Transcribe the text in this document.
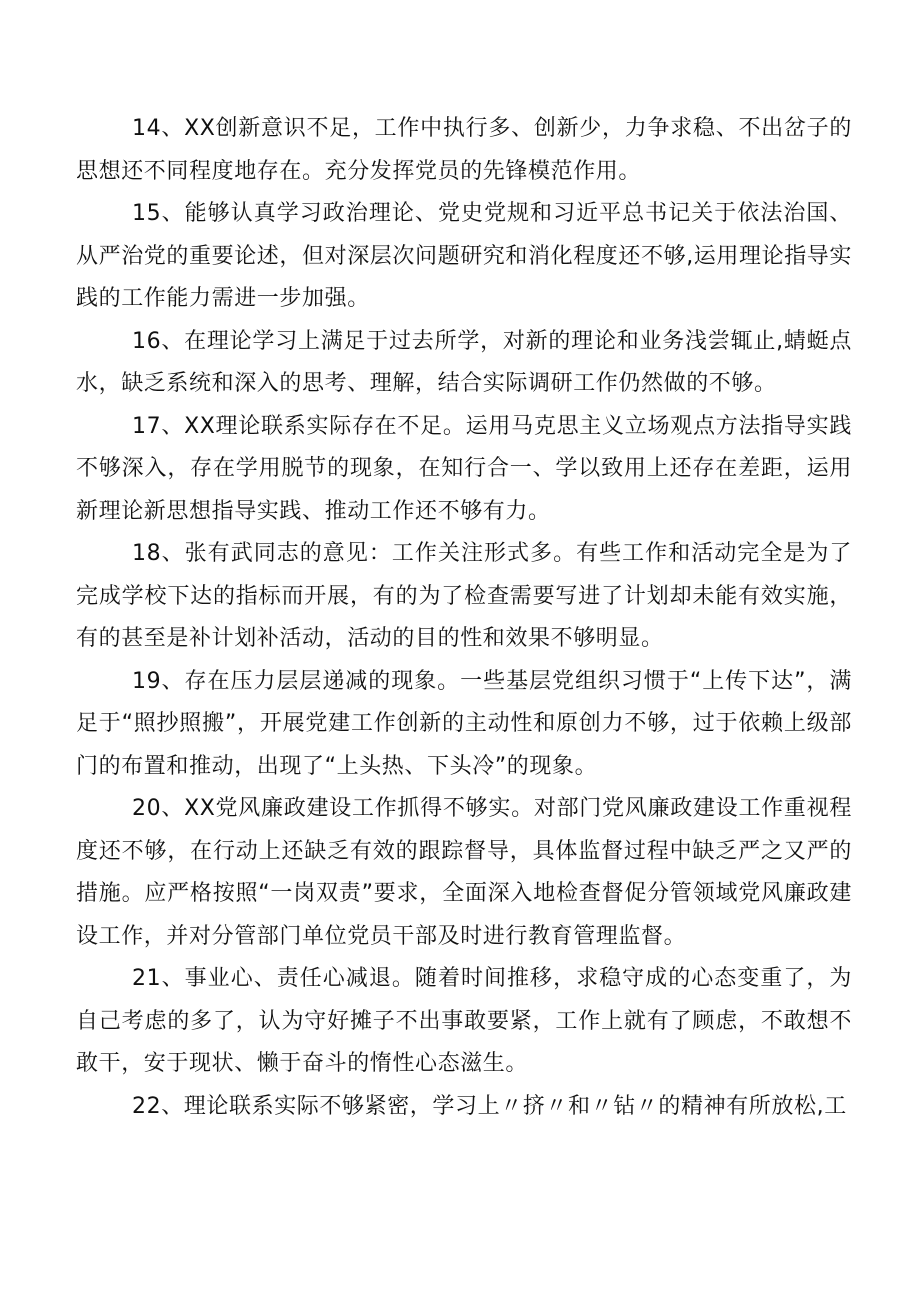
14、XX创新意识不足，工作中执行多、创新少，力争求稳、不出岔子的思想还不同程度地存在。充分发挥党员的先锋模范作用。

15、能够认真学习政治理论、党史党规和习近平总书记关于依法治国、从严治党的重要论述，但对深层次问题研究和消化程度还不够,运用理论指导实践的工作能力需进一步加强。

16、在理论学习上满足于过去所学，对新的理论和业务浅尝辄止,蜻蜓点水，缺乏系统和深入的思考、理解，结合实际调研工作仍然做的不够。

17、XX理论联系实际存在不足。运用马克思主义立场观点方法指导实践不够深入，存在学用脱节的现象，在知行合一、学以致用上还存在差距，运用新理论新思想指导实践、推动工作还不够有力。

18、张有武同志的意见：工作关注形式多。有些工作和活动完全是为了完成学校下达的指标而开展，有的为了检查需要写进了计划却未能有效实施，有的甚至是补计划补活动，活动的目的性和效果不够明显。

19、存在压力层层递减的现象。一些基层党组织习惯于“上传下达”，满足于“照抄照搬”，开展党建工作创新的主动性和原创力不够，过于依赖上级部门的布置和推动，出现了“上头热、下头冷”的现象。

20、XX党风廉政建设工作抓得不够实。对部门党风廉政建设工作重视程度还不够，在行动上还缺乏有效的跟踪督导，具体监督过程中缺乏严之又严的措施。应严格按照“一岗双责”要求，全面深入地检查督促分管领域党风廉政建设工作，并对分管部门单位党员干部及时进行教育管理监督。

21、事业心、责任心减退。随着时间推移，求稳守成的心态变重了，为自己考虑的多了，认为守好摊子不出事敢要紧，工作上就有了顾虑，不敢想不敢干，安于现状、懒于奋斗的惰性心态滋生。

22、理论联系实际不够紧密，学习上〃挤〃和〃钻〃的精神有所放松,工
